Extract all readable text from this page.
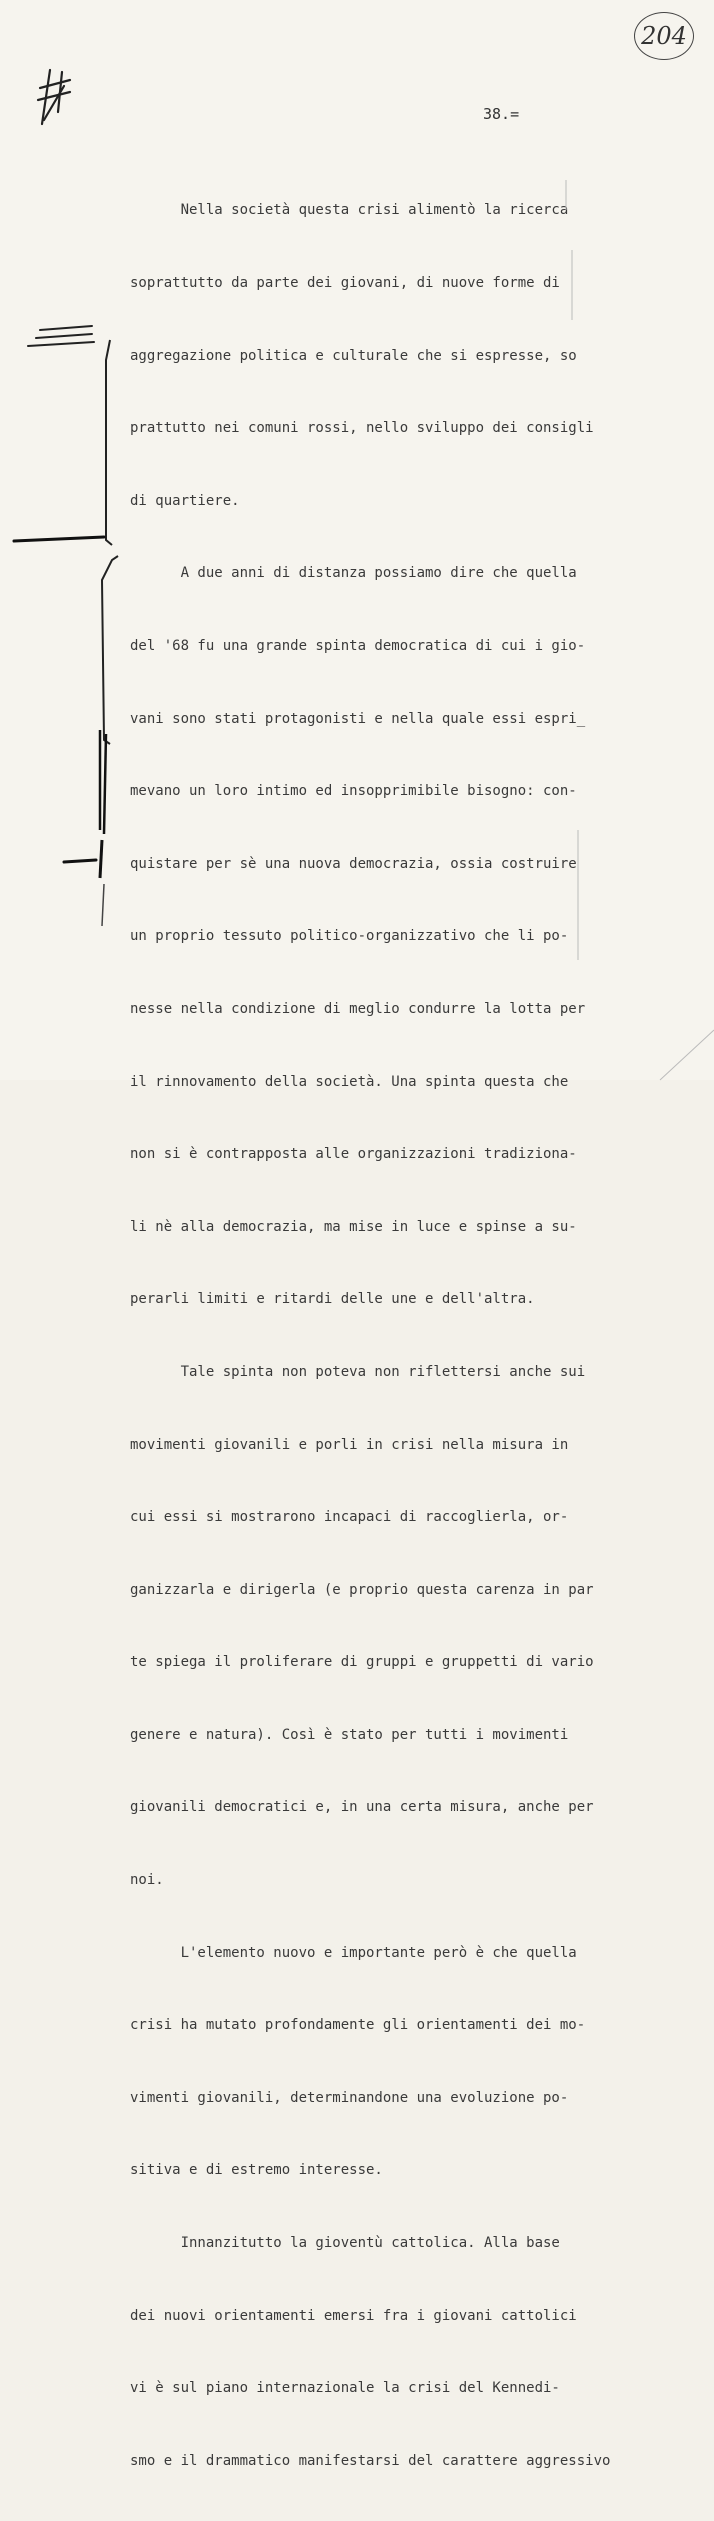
204
38.=

Nella società questa crisi alimentò la ricerca

soprattutto da parte dei giovani, di nuove forme di

aggregazione politica e culturale che si espresse, so

prattutto nei comuni rossi, nello sviluppo dei consigli

di quartiere.

A due anni di distanza possiamo dire che quella

del '68 fu una grande spinta democratica di cui i gio-

vani sono stati protagonisti e nella quale essi espri_

mevano un loro intimo ed insopprimibile bisogno: con-

quistare per sè una nuova democrazia, ossia costruire

un proprio tessuto politico-organizzativo che li po-

nesse nella condizione di meglio condurre la lotta per

il rinnovamento della società. Una spinta questa che

non si è contrapposta alle organizzazioni tradiziona-

li nè alla democrazia, ma mise in luce e spinse a su-

perarli limiti e ritardi delle une e dell'altra.

Tale spinta non poteva non riflettersi anche sui

movimenti giovanili e porli in crisi nella misura in

cui essi si mostrarono incapaci di raccoglierla, or-

ganizzarla e dirigerla (e proprio questa carenza in par

te spiega il proliferare di gruppi e gruppetti di vario

genere e natura). Così è stato per tutti i movimenti

giovanili democratici e, in una certa misura, anche per

noi.

L'elemento nuovo e importante però è che quella

crisi ha mutato profondamente gli orientamenti dei mo-

vimenti giovanili, determinandone una evoluzione po-

sitiva e di estremo interesse.

Innanzitutto la gioventù cattolica. Alla base

dei nuovi orientamenti emersi fra i giovani cattolici

vi è sul piano internazionale la crisi del Kennedi-

smo e il drammatico manifestarsi del carattere aggressivo
